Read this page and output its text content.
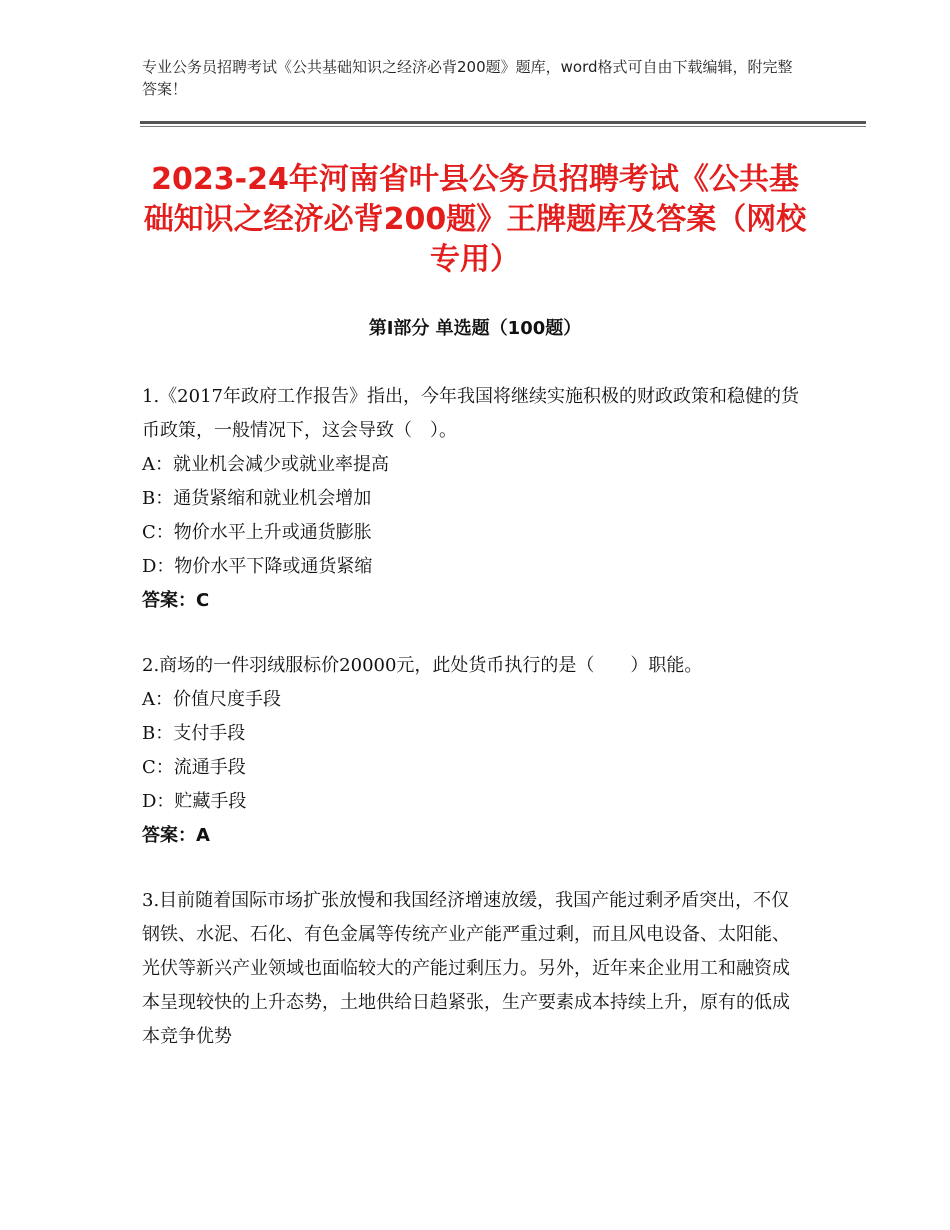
专业公务员招聘考试《公共基础知识之经济必背200题》题库，word格式可自由下载编辑，附完整答案！
2023-24年河南省叶县公务员招聘考试《公共基础知识之经济必背200题》王牌题库及答案（网校专用）
第Ⅰ部分 单选题（100题）

1.《2017年政府工作报告》指出，今年我国将继续实施积极的财政政策和稳健的货币政策，一般情况下，这会导致（　）。

A：就业机会减少或就业率提高

B：通货紧缩和就业机会增加

C：物价水平上升或通货膨胀

D：物价水平下降或通货紧缩

答案：C

2.商场的一件羽绒服标价20000元，此处货币执行的是（　　）职能。

A：价值尺度手段

B：支付手段

C：流通手段

D：贮藏手段

答案：A

3.目前随着国际市场扩张放慢和我国经济增速放缓，我国产能过剩矛盾突出，不仅钢铁、水泥、石化、有色金属等传统产业产能严重过剩，而且风电设备、太阳能、光伏等新兴产业领域也面临较大的产能过剩压力。另外，近年来企业用工和融资成本呈现较快的上升态势，土地供给日趋紧张，生产要素成本持续上升，原有的低成本竞争优势
